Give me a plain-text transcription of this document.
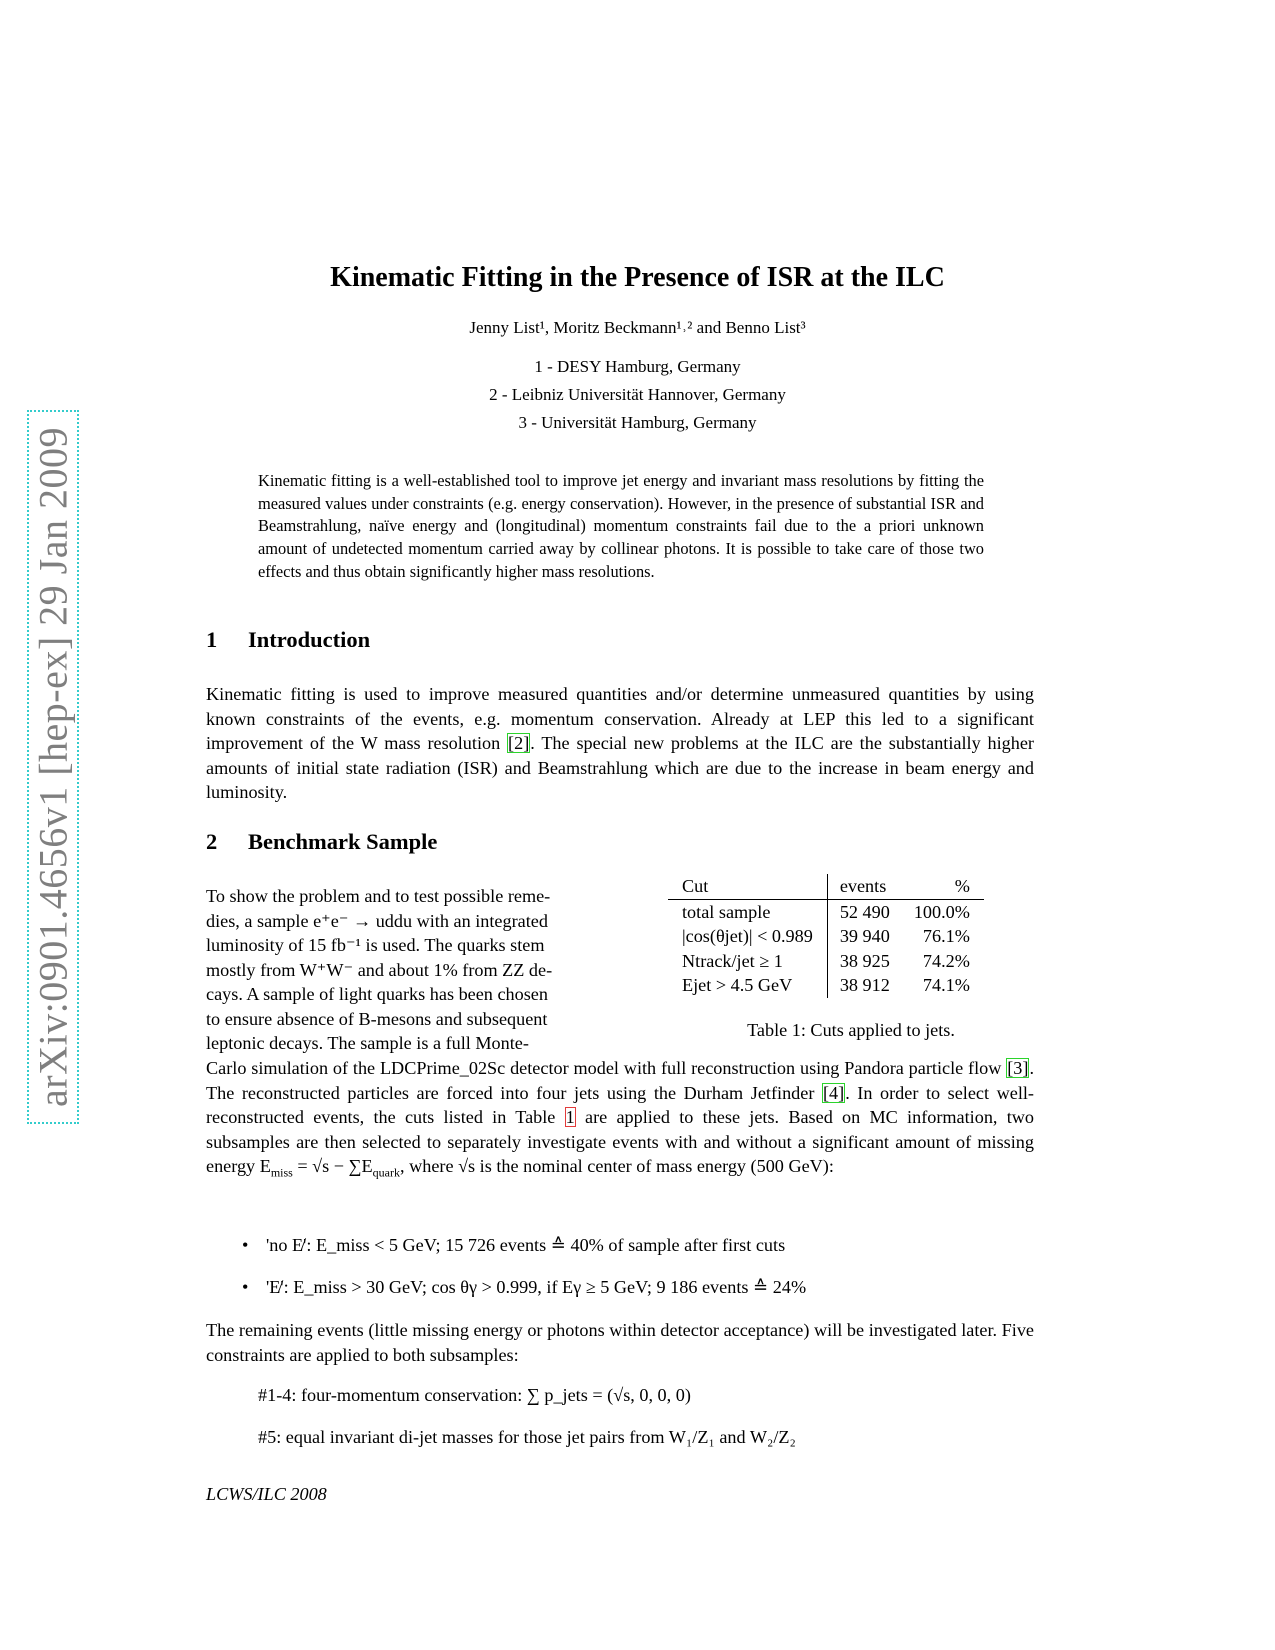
arXiv:0901.4656v1 [hep-ex] 29 Jan 2009
Kinematic Fitting in the Presence of ISR at the ILC
Jenny List¹, Moritz Beckmann¹˒² and Benno List³
1 - DESY Hamburg, Germany
2 - Leibniz Universität Hannover, Germany
3 - Universität Hamburg, Germany
Kinematic fitting is a well-established tool to improve jet energy and invariant mass resolutions by fitting the measured values under constraints (e.g. energy conservation). However, in the presence of substantial ISR and Beamstrahlung, naïve energy and (longitudinal) momentum constraints fail due to the a priori unknown amount of undetected momentum carried away by collinear photons. It is possible to take care of those two effects and thus obtain significantly higher mass resolutions.
1 Introduction
Kinematic fitting is used to improve measured quantities and/or determine unmeasured quantities by using known constraints of the events, e.g. momentum conservation. Already at LEP this led to a significant improvement of the W mass resolution [2]. The special new problems at the ILC are the substantially higher amounts of initial state radiation (ISR) and Beamstrahlung which are due to the increase in beam energy and luminosity.
2 Benchmark Sample
To show the problem and to test possible reme-
dies, a sample e⁺e⁻ → uddu with an integrated
luminosity of 15 fb⁻¹ is used. The quarks stem
mostly from W⁺W⁻ and about 1% from ZZ de-
cays. A sample of light quarks has been chosen
to ensure absence of B-mesons and subsequent
leptonic decays. The sample is a full Monte-
Cut	events	%
total sample	52 490	100.0%
|cos(θjet)| < 0.989	39 940	76.1%
Ntrack/jet ≥ 1	38 925	74.2%
Ejet > 4.5 GeV	38 912	74.1%
Table 1: Cuts applied to jets.
Carlo simulation of the LDCPrime_02Sc detector model with full reconstruction using Pandora particle flow [3]. The reconstructed particles are forced into four jets using the Durham Jetfinder [4]. In order to select well-reconstructed events, the cuts listed in Table 1 are applied to these jets. Based on MC information, two subsamples are then selected to separately investigate events with and without a significant amount of missing energy $E_{miss} = √s - \sum E_{quark}$, where √s is the nominal center of mass energy (500 GeV):
• 'no E̸': E_miss < 5 GeV; 15 726 events ≙ 40% of sample after first cuts
• 'E̸': E_miss > 30 GeV; cos θγ > 0.999, if Eγ ≥ 5 GeV; 9 186 events ≙ 24%
The remaining events (little missing energy or photons within detector acceptance) will be investigated later. Five constraints are applied to both subsamples:
#1-4: four-momentum conservation: ∑ p_jets = (√s, 0, 0, 0)
#5: equal invariant di-jet masses for those jet pairs from W₁/Z₁ and W₂/Z₂
LCWS/ILC 2008
